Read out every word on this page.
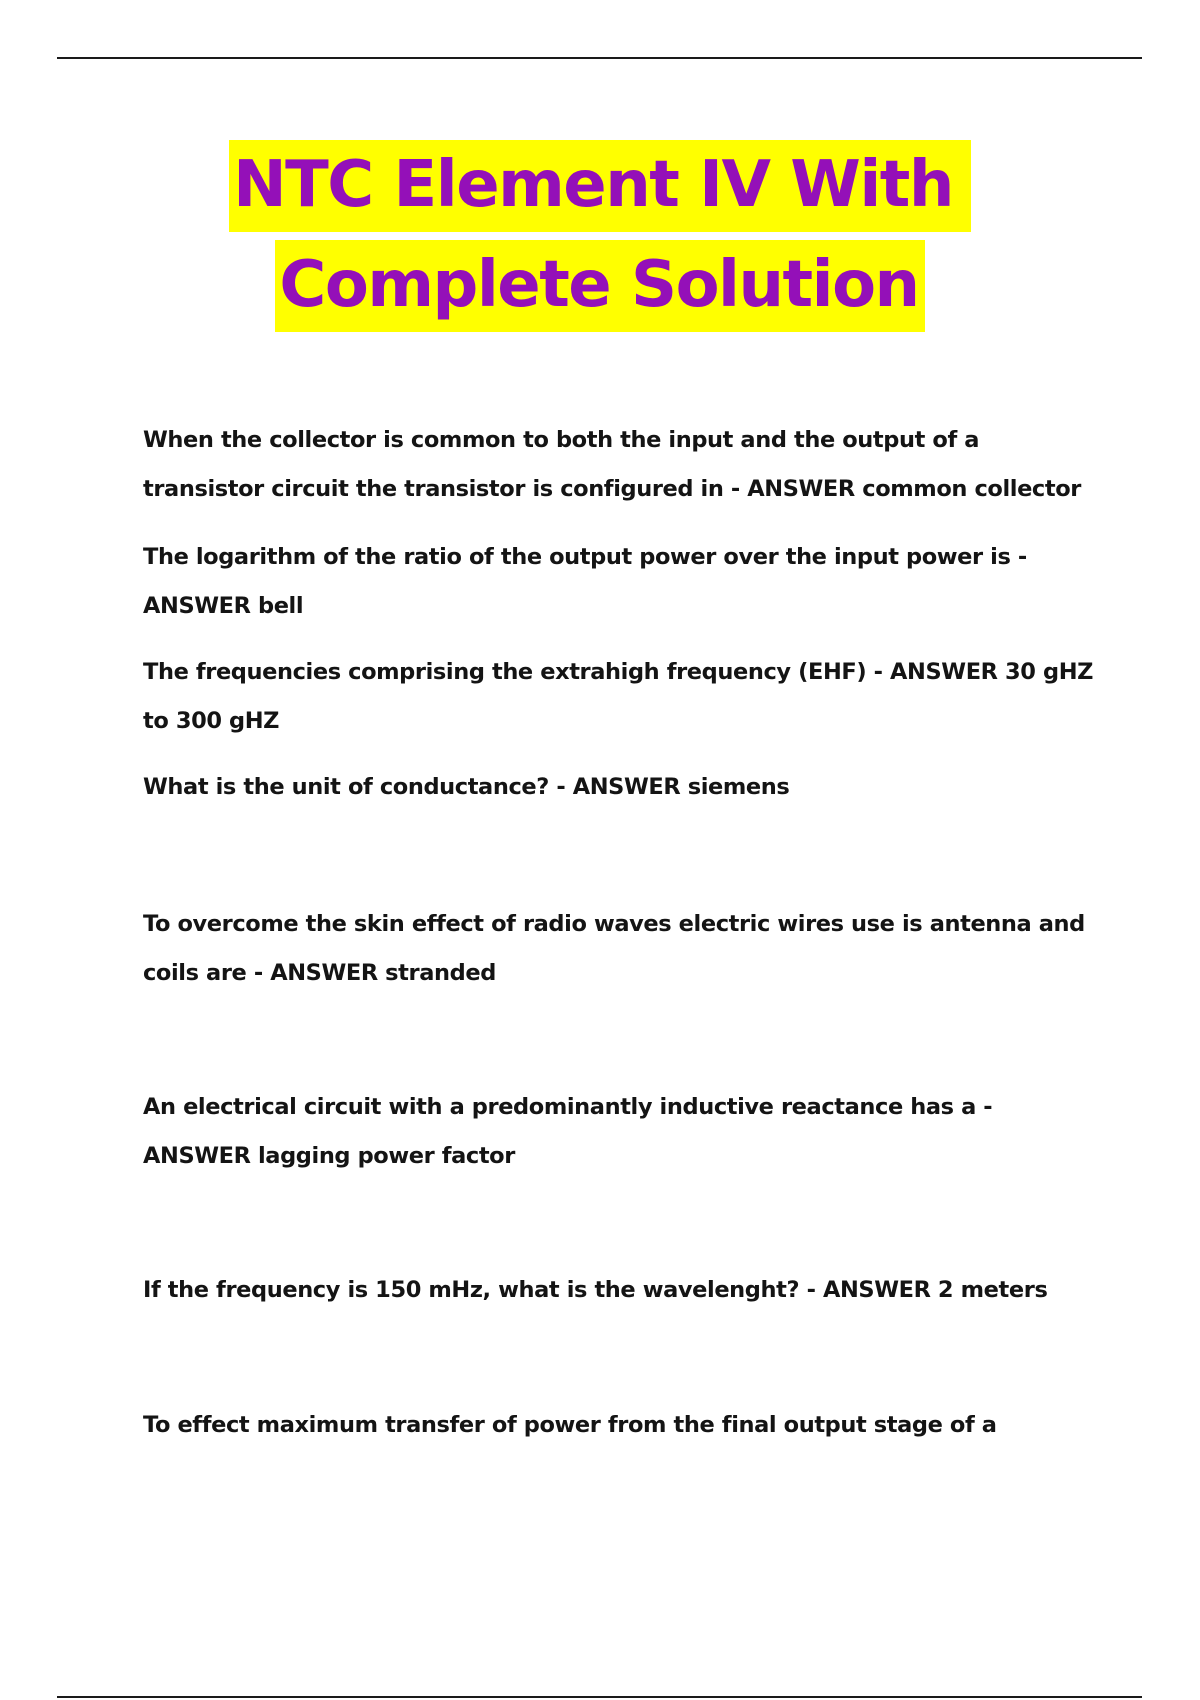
NTC Element IV With
Complete Solution

When the collector is common to both the input and the output of a transistor circuit the transistor is configured in - ANSWER common collector

The logarithm of the ratio of the output power over the input power is - ANSWER bell

The frequencies comprising the extrahigh frequency (EHF) - ANSWER 30 gHZ to 300 gHZ

What is the unit of conductance? - ANSWER siemens

To overcome the skin effect of radio waves electric wires use is antenna and coils are - ANSWER stranded

An electrical circuit with a predominantly inductive reactance has a - ANSWER lagging power factor

If the frequency is 150 mHz, what is the wavelenght? - ANSWER 2 meters

To effect maximum transfer of power from the final output stage of a
